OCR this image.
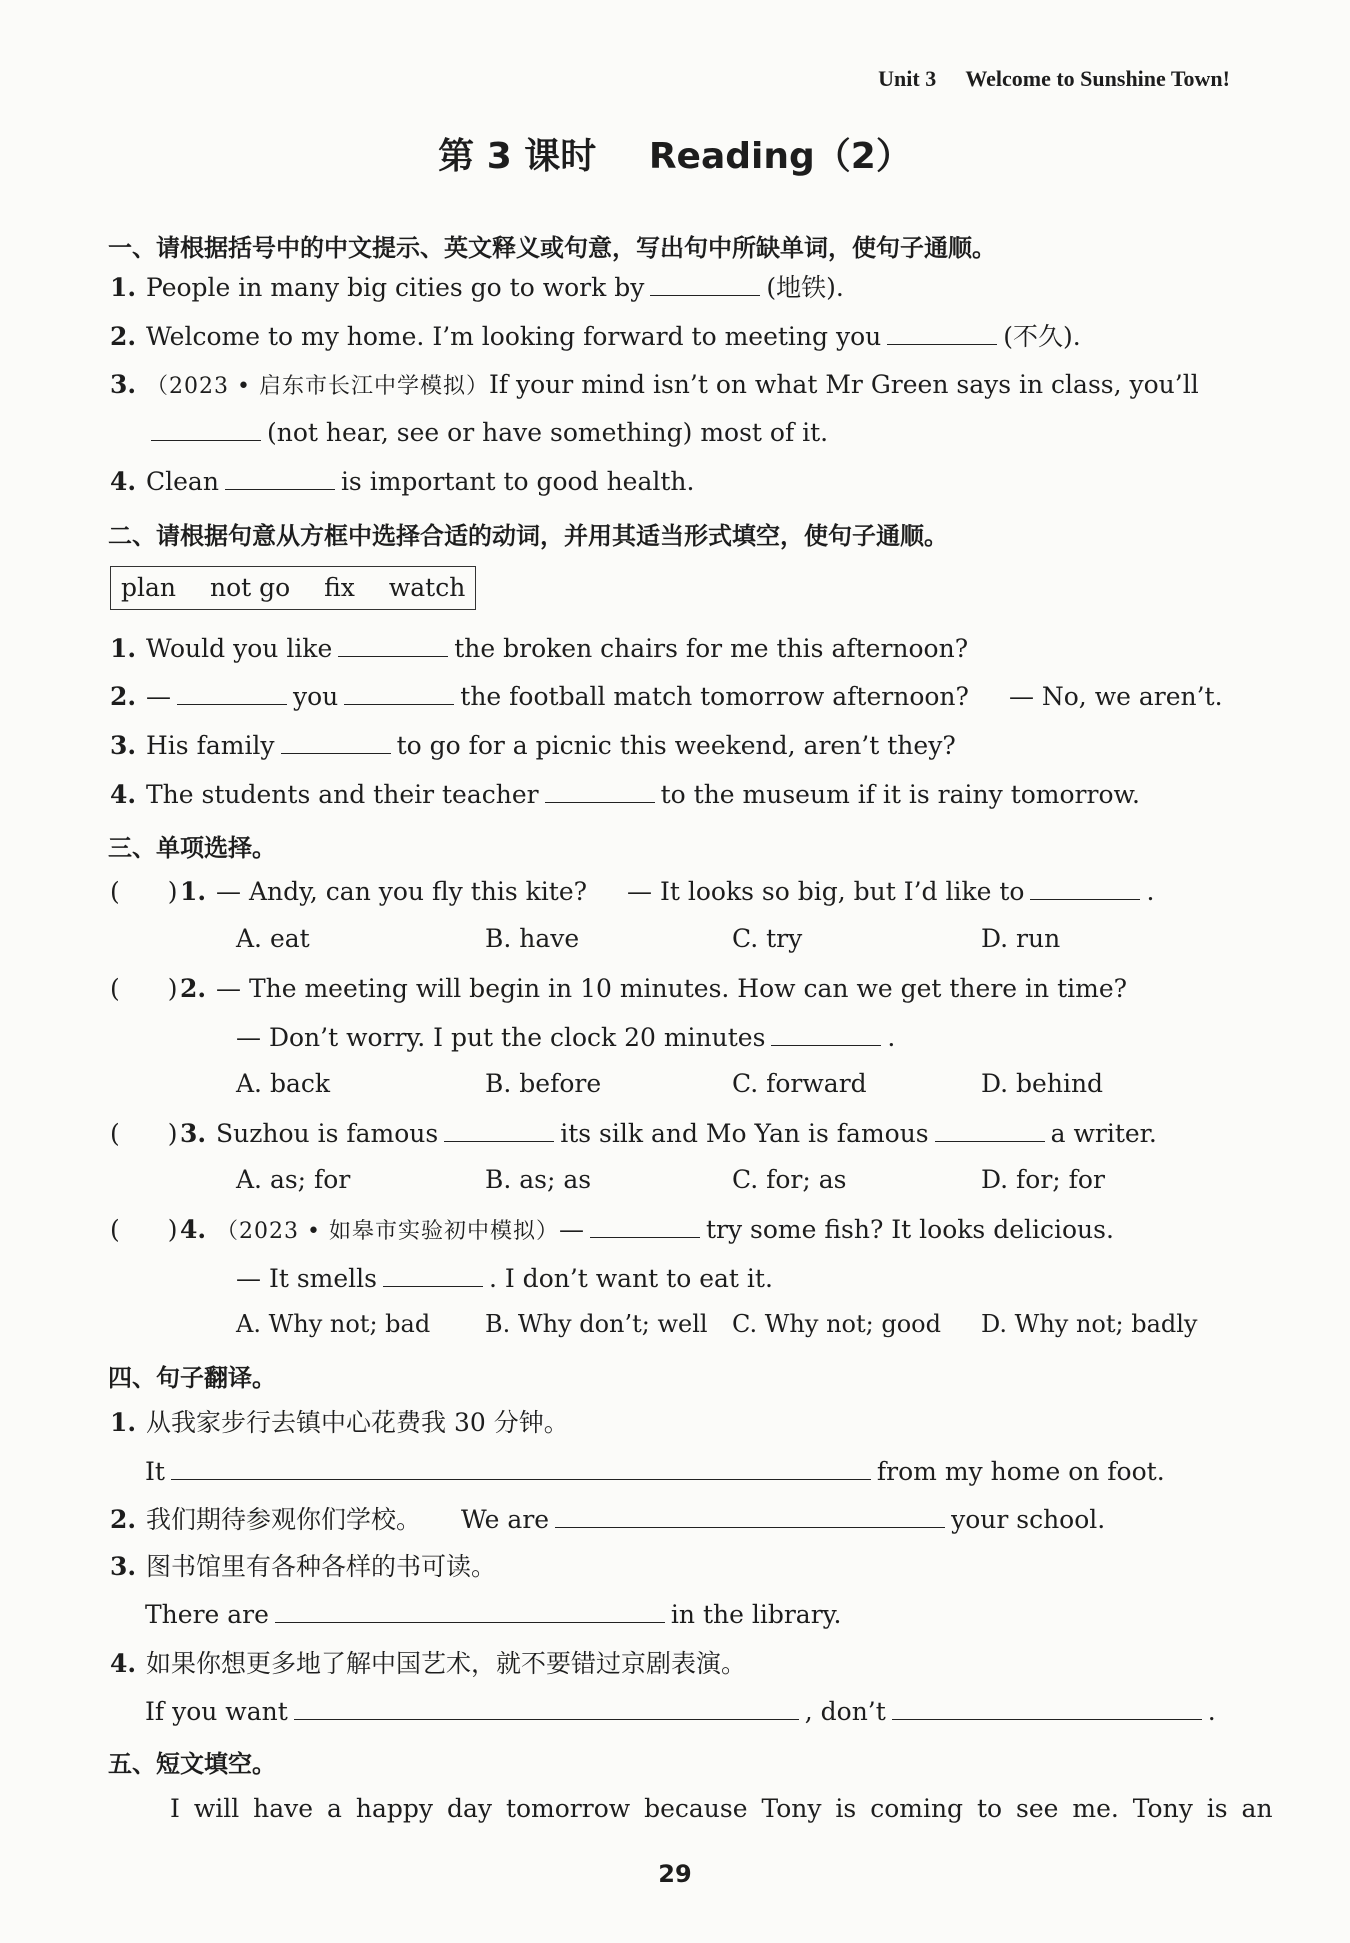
Unit 3 Welcome to Sunshine Town!
第 3 课时 Reading（2）
一、请根据括号中的中文提示、英文释义或句意，写出句中所缺单词，使句子通顺。
1. People in many big cities go to work by	(地铁).
2. Welcome to my home. I’m looking forward to meeting you	(不久).
3. （2023 • 启东市长江中学模拟）If your mind isn’t on what Mr Green says in class, you’ll
(not hear, see or have something) most of it.
4. Clean	is important to good health.
二、请根据句意从方框中选择合适的动词，并用其适当形式填空，使句子通顺。
plan not go fix watch
1. Would you like	the broken chairs for me this afternoon?
2. —	you	the football match tomorrow afternoon? — No, we aren’t.
3. His family	to go for a picnic this weekend, aren’t they?
4. The students and their teacher	to the museum if it is rainy tomorrow.
三、单项选择。
( )1. — Andy, can you fly this kite? — It looks so big, but I’d like to	.
A. eat	B. have	C. try	D. run
( )2. — The meeting will begin in 10 minutes. How can we get there in time?
— Don’t worry. I put the clock 20 minutes	.
A. back	B. before	C. forward	D. behind
( )3. Suzhou is famous	its silk and Mo Yan is famous	a writer.
A. as; for	B. as; as	C. for; as	D. for; for
( )4. （2023 • 如皋市实验初中模拟）—	try some fish? It looks delicious.
— It smells	. I don’t want to eat it.
A. Why not; bad B. Why don’t; well C. Why not; good D. Why not; badly
四、句子翻译。
1. 从我家步行去镇中心花费我 30 分钟。
It	from my home on foot.
2. 我们期待参观你们学校。 We are	your school.
3. 图书馆里有各种各样的书可读。
There are	in the library.
4. 如果你想更多地了解中国艺术，就不要错过京剧表演。
If you want	, don’t	.
五、短文填空。
I will have a happy day tomorrow because Tony is coming to see me. Tony is an
29
